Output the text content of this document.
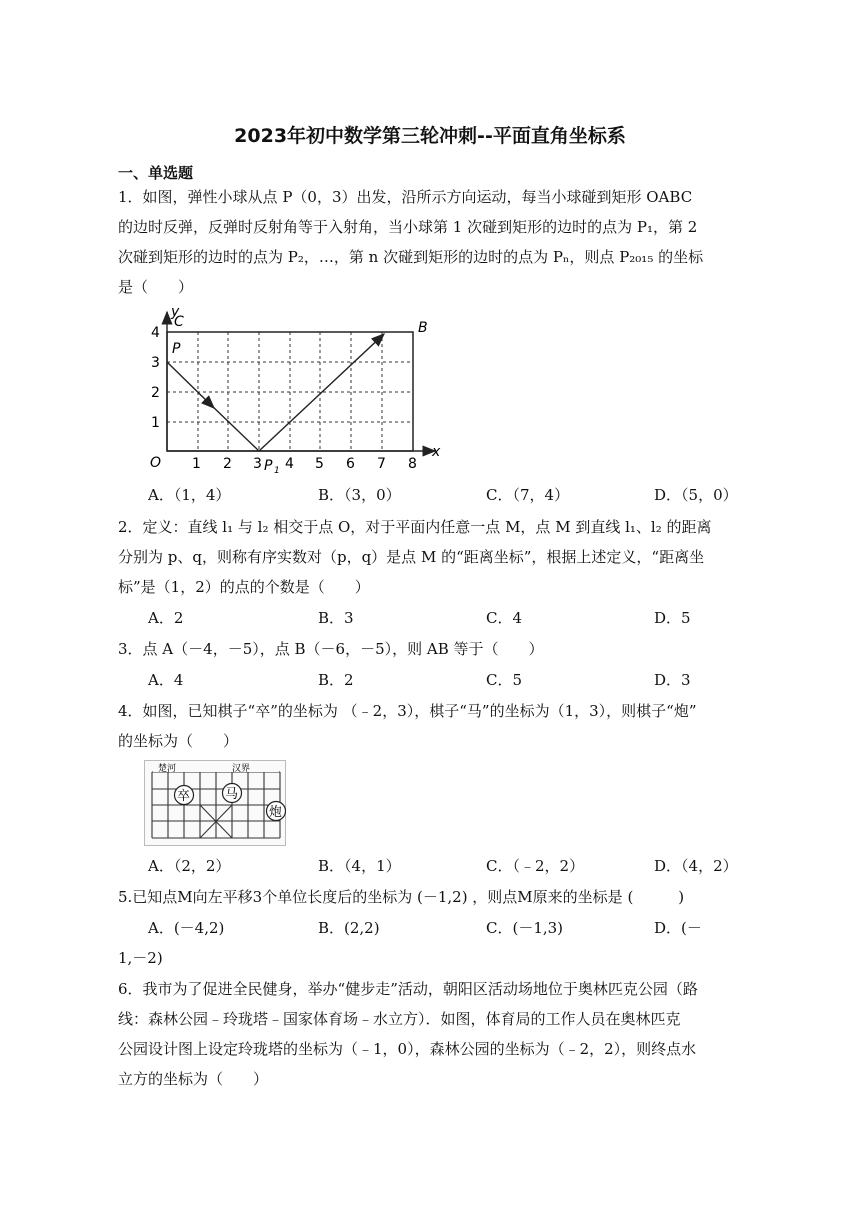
2023年初中数学第三轮冲刺--平面直角坐标系
一、单选题
1．如图，弹性小球从点 P（0，3）出发，沿所示方向运动，每当小球碰到矩形 OABC
的边时反弹，反弹时反射角等于入射角，当小球第 1 次碰到矩形的边时的点为 P₁，第 2
次碰到矩形的边时的点为 P₂，…，第 n 次碰到矩形的边时的点为 Pₙ，则点 P₂₀₁₅ 的坐标
是（　　）
y
x
O
C	B
P
P 1
1 2 3 4 5 6 7 8
1
2
3
4
A．（1，4）	B．（3，0）	C．（7，4）	D．（5，0）
2．定义：直线 l₁ 与 l₂ 相交于点 O，对于平面内任意一点 M，点 M 到直线 l₁、l₂ 的距离
分别为 p、q，则称有序实数对（p，q）是点 M 的“距离坐标”，根据上述定义，“距离坐
标”是（1，2）的点的个数是（　　）
A．2	B．3	C．4	D．5
3．点 A（－4，－5），点 B（－6，－5），则 AB 等于（　　）
A．4	B．2	C．5	D．3
4．如图，已知棋子“卒”的坐标为 （﹣2，3），棋子“马”的坐标为（1，3），则棋子“炮”
的坐标为（　　）
楚河	汉界
卒	马
炮
A．（2，2）	B．（4，1）	C．（﹣2，2）	D．（4，2）
5.已知点M向左平移3个单位长度后的坐标为 (－1,2) ，则点M原来的坐标是 (　　　)
A．(－4,2)	B．(2,2)	C．(－1,3)	D．(－
1,－2)
6．我市为了促进全民健身，举办“健步走”活动，朝阳区活动场地位于奥林匹克公园（路
线：森林公园﹣玲珑塔﹣国家体育场﹣水立方）．如图，体育局的工作人员在奥林匹克
公园设计图上设定玲珑塔的坐标为（﹣1，0），森林公园的坐标为（﹣2，2），则终点水
立方的坐标为（　　）
